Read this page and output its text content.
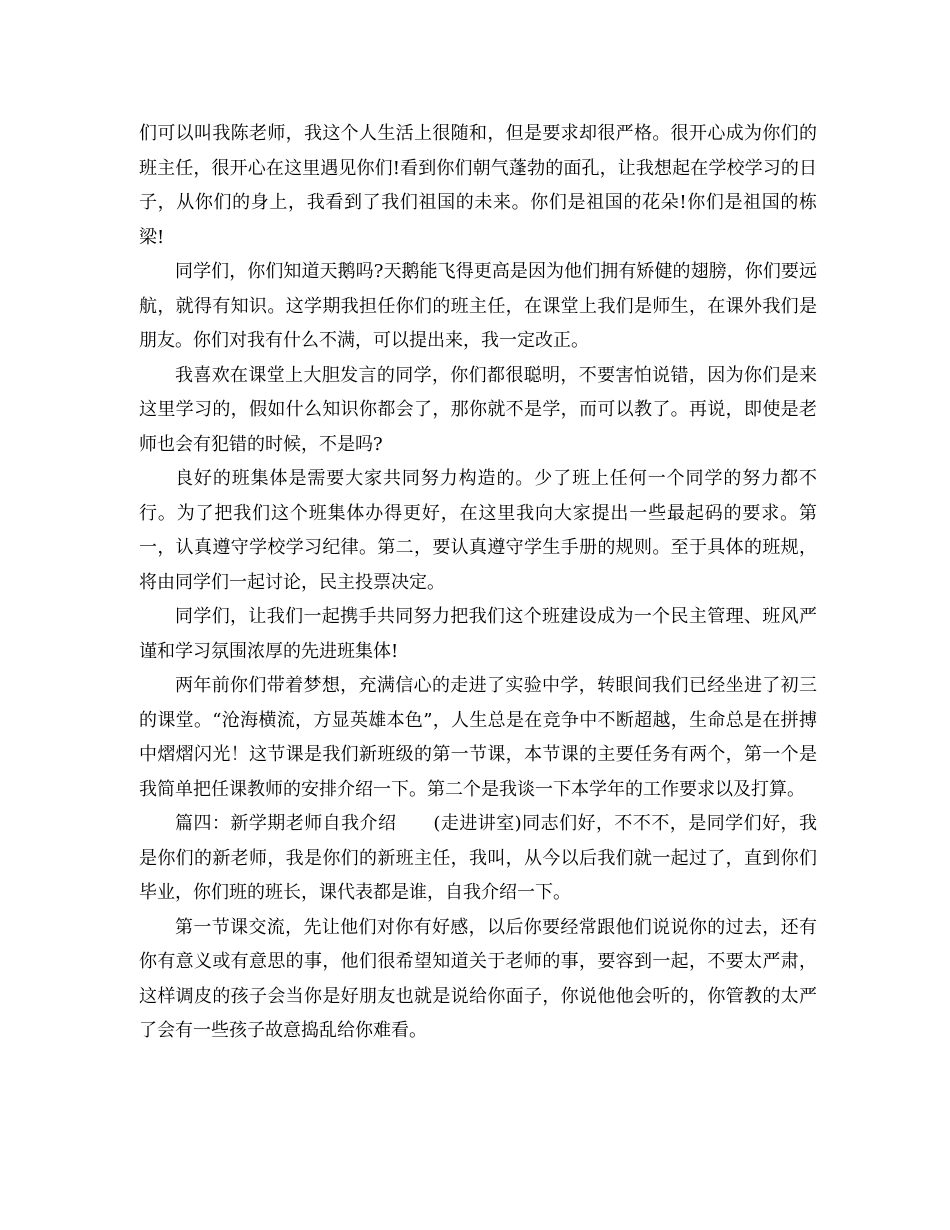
们可以叫我陈老师，我这个人生活上很随和，但是要求却很严格。很开心成为你们的班主任，很开心在这里遇见你们!看到你们朝气蓬勃的面孔，让我想起在学校学习的日子，从你们的身上，我看到了我们祖国的未来。你们是祖国的花朵!你们是祖国的栋梁!

同学们，你们知道天鹅吗?天鹅能飞得更高是因为他们拥有矫健的翅膀，你们要远航，就得有知识。这学期我担任你们的班主任，在课堂上我们是师生，在课外我们是朋友。你们对我有什么不满，可以提出来，我一定改正。

我喜欢在课堂上大胆发言的同学，你们都很聪明，不要害怕说错，因为你们是来这里学习的，假如什么知识你都会了，那你就不是学，而可以教了。再说，即使是老师也会有犯错的时候，不是吗?

良好的班集体是需要大家共同努力构造的。少了班上任何一个同学的努力都不行。为了把我们这个班集体办得更好，在这里我向大家提出一些最起码的要求。第一，认真遵守学校学习纪律。第二，要认真遵守学生手册的规则。至于具体的班规，将由同学们一起讨论，民主投票决定。

同学们，让我们一起携手共同努力把我们这个班建设成为一个民主管理、班风严谨和学习氛围浓厚的先进班集体!

两年前你们带着梦想，充满信心的走进了实验中学，转眼间我们已经坐进了初三的课堂。“沧海横流，方显英雄本色”，人生总是在竞争中不断超越，生命总是在拼搏中熠熠闪光！这节课是我们新班级的第一节课，本节课的主要任务有两个，第一个是我简单把任课教师的安排介绍一下。第二个是我谈一下本学年的工作要求以及打算。

篇四：新学期老师自我介绍　　(走进讲室)同志们好，不不不，是同学们好，我是你们的新老师，我是你们的新班主任，我叫，从今以后我们就一起过了，直到你们毕业，你们班的班长，课代表都是谁，自我介绍一下。

第一节课交流，先让他们对你有好感，以后你要经常跟他们说说你的过去，还有你有意义或有意思的事，他们很希望知道关于老师的事，要容到一起，不要太严肃，这样调皮的孩子会当你是好朋友也就是说给你面子，你说他他会听的，你管教的太严了会有一些孩子故意捣乱给你难看。
